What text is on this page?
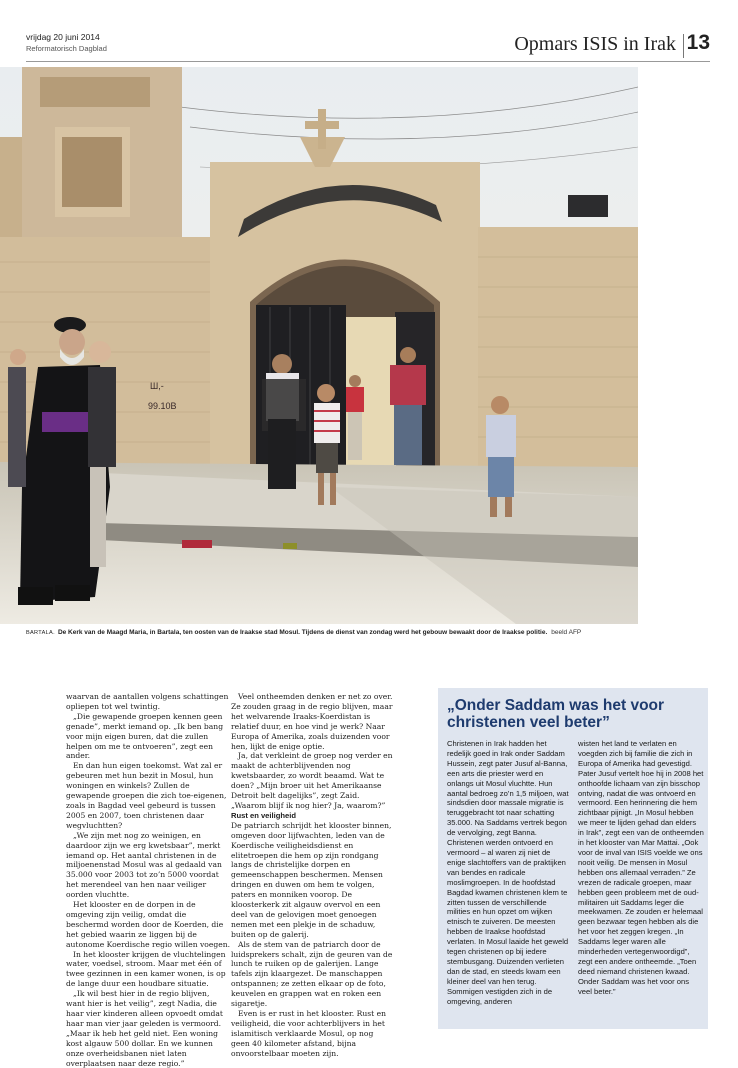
vrijdag 20 juni 2014
Reformatorisch Dagblad	Opmars ISIS in Irak 13
Ш,-
99.10B
BARTALA. De Kerk van de Maagd Maria, in Bartala, ten oosten van de Iraakse stad Mosul. Tijdens de dienst van zondag werd het gebouw bewaakt door de Iraakse politie. beeld AFP

waarvan de aantallen volgens schattingen opliepen tot wel twintig.

„Die gewapende groepen kennen geen genade”, merkt iemand op. „Ik ben bang voor mijn eigen buren, dat die zullen helpen om me te ontvoeren”, zegt een ander.

En dan hun eigen toekomst. Wat zal er gebeuren met hun bezit in Mosul, hun woningen en winkels? Zullen de gewapende groepen die zich toe-eigenen, zoals in Bagdad veel gebeurd is tussen 2005 en 2007, toen christenen daar wegvluchtten?

„We zijn met nog zo weinigen, en daardoor zijn we erg kwetsbaar”, merkt iemand op. Het aantal christenen in de miljoenenstad Mosul was al gedaald van 35.000 voor 2003 tot zo’n 5000 voordat het merendeel van hen naar veiliger oorden vluchtte.

Het klooster en de dorpen in de omgeving zijn veilig, omdat die beschermd worden door de Koerden, die het gebied waarin ze liggen bij de autonome Koerdische regio willen voegen.

In het klooster krijgen de vluchtelingen water, voedsel, stroom. Maar met één of twee gezinnen in een kamer wonen, is op de lange duur een houdbare situatie.

„Ik wil best hier in de regio blijven, want hier is het veilig”, zegt Nadia, die haar vier kinderen alleen opvoedt omdat haar man vier jaar geleden is vermoord. „Maar ik heb het geld niet. Een woning kost algauw 500 dollar. En we kunnen onze overheidsbanen niet laten overplaatsen naar deze regio.”

Veel ontheemden denken er net zo over. Ze zouden graag in de regio blijven, maar het welvarende Iraaks-Koerdistan is relatief duur, en hoe vind je werk? Naar Europa of Amerika, zoals duizenden voor hen, lijkt de enige optie.

Ja, dat verkleint de groep nog verder en maakt de achterblijvenden nog kwetsbaarder, zo wordt beaamd. Wat te doen? „Mijn broer uit het Amerikaanse Detroit belt dagelijks”, zegt Zaid. „Waarom blijf ik nog hier? Ja, waarom?”

Rust en veiligheid

De patriarch schrijdt het klooster binnen, omgeven door lijfwachten, leden van de Koerdische veiligheidsdienst en elitetroepen die hem op zijn rondgang langs de christelijke dorpen en gemeenschappen beschermen. Mensen dringen en duwen om hem te volgen, paters en monniken voorop. De kloosterkerk zit algauw overvol en een deel van de gelovigen moet genoegen nemen met een plekje in de schaduw, buiten op de galerij.

Als de stem van de patriarch door de luidsprekers schalt, zijn de geuren van de lunch te ruiken op de galerijen. Lange tafels zijn klaargezet. De manschappen ontspannen; ze zetten elkaar op de foto, keuvelen en grappen wat en roken een sigaretje.

Even is er rust in het klooster. Rust en veiligheid, die voor achterblijvers in het islamitisch verklaarde Mosul, op nog geen 40 kilometer afstand, bijna onvoorstelbaar moeten zijn.

„Onder Saddam was het voor christenen veel beter”

Christenen in Irak hadden het redelijk goed in Irak onder Saddam Hussein, zegt pater Jusuf al-Banna, een arts die priester werd en onlangs uit Mosul vluchtte. Hun aantal bedroeg zo’n 1,5 miljoen, wat sindsdien door massale migratie is teruggebracht tot naar schatting 35.000. Na Saddams vertrek begon de vervolging, zegt Banna. Christenen werden ontvoerd en vermoord – al waren zij niet de enige slachtoffers van de praktijken van bendes en radicale moslimgroepen. In de hoofdstad Bagdad kwamen christenen klem te zitten tussen de verschillende milities en hun opzet om wijken etnisch te zuiveren. De meesten hebben de Iraakse hoofdstad verlaten. In Mosul laaide het geweld tegen christenen op bij iedere stembusgang. Duizenden verlieten dan de stad, en steeds kwam een kleiner deel van hen terug. Sommigen vestigden zich in de omgeving, anderen

wisten het land te verlaten en voegden zich bij familie die zich in Europa of Amerika had gevestigd. Pater Jusuf vertelt hoe hij in 2008 het onthoofde lichaam van zijn bisschop ontving, nadat die was ontvoerd en vermoord. Een herinnering die hem zichtbaar pijnigt. „In Mosul hebben we meer te lijden gehad dan elders in Irak”, zegt een van de ontheemden in het klooster van Mar Mattai. „Ook voor de inval van ISIS voelde we ons nooit veilig. De mensen in Mosul hebben ons allemaal verraden.” Ze vrezen de radicale groepen, maar hebben geen probleem met de oud-militairen uit Saddams leger die meekwamen. Ze zouden er helemaal geen bezwaar tegen hebben als die het voor het zeggen kregen. „In Saddams leger waren alle minderheden vertegenwoordigd”, zegt een andere ontheemde. „Toen deed niemand christenen kwaad. Onder Saddam was het voor ons veel beter.”
